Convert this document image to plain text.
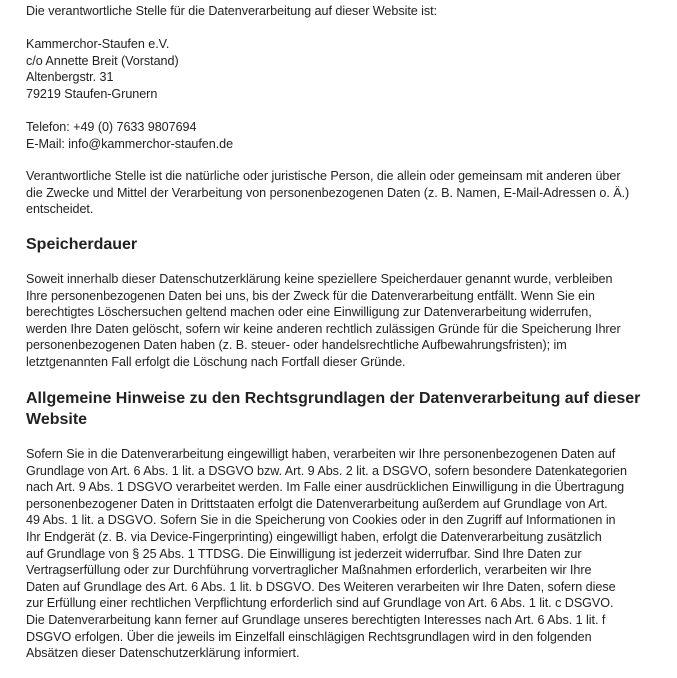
Die verantwortliche Stelle für die Datenverarbeitung auf dieser Website ist:

Kammerchor-Staufen e.V.
c/o Annette Breit (Vorstand)
Altenbergstr. 31
79219 Staufen-Grunern

Telefon: +49 (0) 7633 9807694
E-Mail: info@kammerchor-staufen.de

Verantwortliche Stelle ist die natürliche oder juristische Person, die allein oder gemeinsam mit anderen über
die Zwecke und Mittel der Verarbeitung von personenbezogenen Daten (z. B. Namen, E-Mail-Adressen o. Ä.)
entscheidet.

Speicherdauer

Soweit innerhalb dieser Datenschutzerklärung keine speziellere Speicherdauer genannt wurde, verbleiben
Ihre personenbezogenen Daten bei uns, bis der Zweck für die Datenverarbeitung entfällt. Wenn Sie ein
berechtigtes Löschersuchen geltend machen oder eine Einwilligung zur Datenverarbeitung widerrufen,
werden Ihre Daten gelöscht, sofern wir keine anderen rechtlich zulässigen Gründe für die Speicherung Ihrer
personenbezogenen Daten haben (z. B. steuer- oder handelsrechtliche Aufbewahrungsfristen); im
letztgenannten Fall erfolgt die Löschung nach Fortfall dieser Gründe.

Allgemeine Hinweise zu den Rechtsgrundlagen der Datenverarbeitung auf dieser
Website

Sofern Sie in die Datenverarbeitung eingewilligt haben, verarbeiten wir Ihre personenbezogenen Daten auf
Grundlage von Art. 6 Abs. 1 lit. a DSGVO bzw. Art. 9 Abs. 2 lit. a DSGVO, sofern besondere Datenkategorien
nach Art. 9 Abs. 1 DSGVO verarbeitet werden. Im Falle einer ausdrücklichen Einwilligung in die Übertragung
personenbezogener Daten in Drittstaaten erfolgt die Datenverarbeitung außerdem auf Grundlage von Art.
49 Abs. 1 lit. a DSGVO. Sofern Sie in die Speicherung von Cookies oder in den Zugriff auf Informationen in
Ihr Endgerät (z. B. via Device-Fingerprinting) eingewilligt haben, erfolgt die Datenverarbeitung zusätzlich
auf Grundlage von § 25 Abs. 1 TTDSG. Die Einwilligung ist jederzeit widerrufbar. Sind Ihre Daten zur
Vertragserfüllung oder zur Durchführung vorvertraglicher Maßnahmen erforderlich, verarbeiten wir Ihre
Daten auf Grundlage des Art. 6 Abs. 1 lit. b DSGVO. Des Weiteren verarbeiten wir Ihre Daten, sofern diese
zur Erfüllung einer rechtlichen Verpflichtung erforderlich sind auf Grundlage von Art. 6 Abs. 1 lit. c DSGVO.
Die Datenverarbeitung kann ferner auf Grundlage unseres berechtigten Interesses nach Art. 6 Abs. 1 lit. f
DSGVO erfolgen. Über die jeweils im Einzelfall einschlägigen Rechtsgrundlagen wird in den folgenden
Absätzen dieser Datenschutzerklärung informiert.
